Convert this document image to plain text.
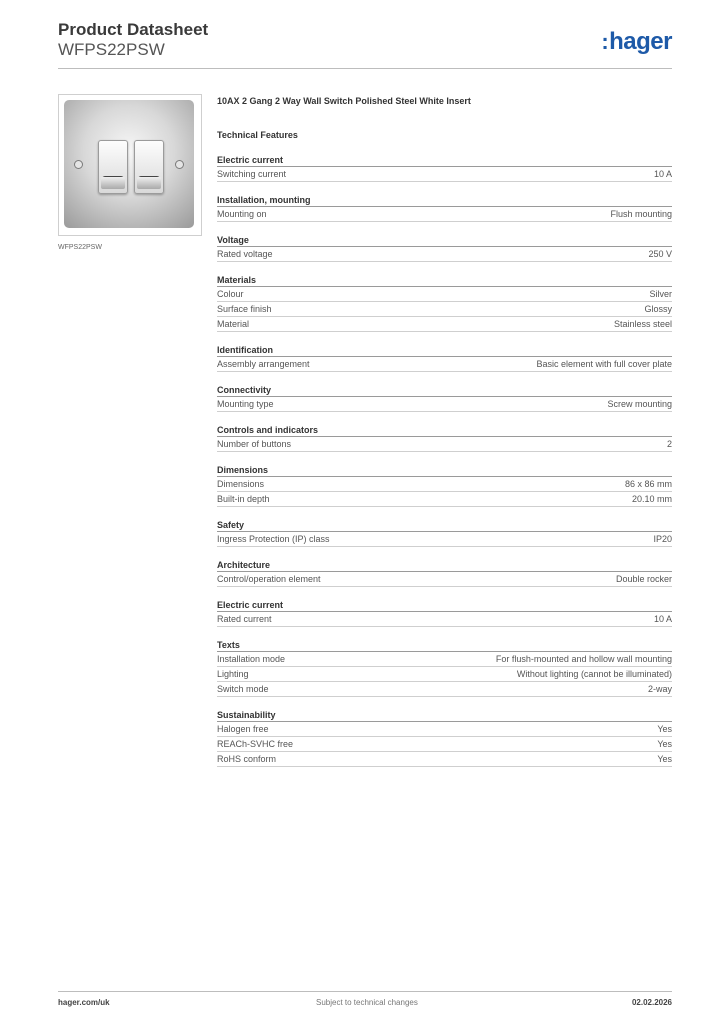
Product Datasheet
WFPS22PSW	:hager
WFPS22PSW
10AX 2 Gang 2 Way Wall Switch Polished Steel White Insert
Technical Features
Electric current
Switching current	10 A
Installation, mounting
Mounting on	Flush mounting
Voltage
Rated voltage	250 V
Materials
Colour	Silver
Surface finish	Glossy
Material	Stainless steel
Identification
Assembly arrangement	Basic element with full cover plate
Connectivity
Mounting type	Screw mounting
Controls and indicators
Number of buttons	2
Dimensions
Dimensions	86 x 86 mm
Built-in depth	20.10 mm
Safety
Ingress Protection (IP) class	IP20
Architecture
Control/operation element	Double rocker
Electric current
Rated current	10 A
Texts
Installation mode	For flush-mounted and hollow wall mounting
Lighting	Without lighting (cannot be illuminated)
Switch mode	2-way
Sustainability
Halogen free	Yes
REACh-SVHC free	Yes
RoHS conform	Yes
hager.com/uk	Subject to technical changes	02.02.2026
